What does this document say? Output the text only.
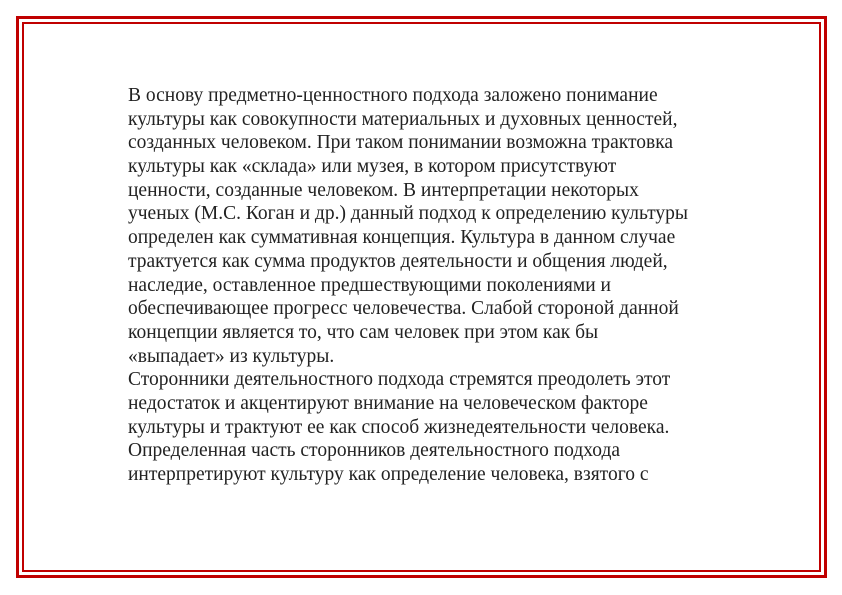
В основу предметно-ценностного подхода заложено понимание
культуры как совокупности материальных и духовных ценностей,
созданных человеком. При таком понимании возможна трактовка
культуры как «склада» или музея, в котором присутствуют
ценности, созданные человеком. В интерпретации некоторых
ученых (М.С. Коган и др.) данный подход к определению культуры
определен как суммативная концепция. Культура в данном случае
трактуется как сумма продуктов деятельности и общения людей,
наследие, оставленное предшествующими поколениями и
обеспечивающее прогресс человечества. Слабой стороной данной
концепции является то, что сам человек при этом как бы
«выпадает» из культуры.
Сторонники деятельностного подхода стремятся преодолеть этот
недостаток и акцентируют внимание на человеческом факторе
культуры и трактуют ее как способ жизнедеятельности человека.
Определенная часть сторонников деятельностного подхода
интерпретируют культуру как определение человека, взятого с
